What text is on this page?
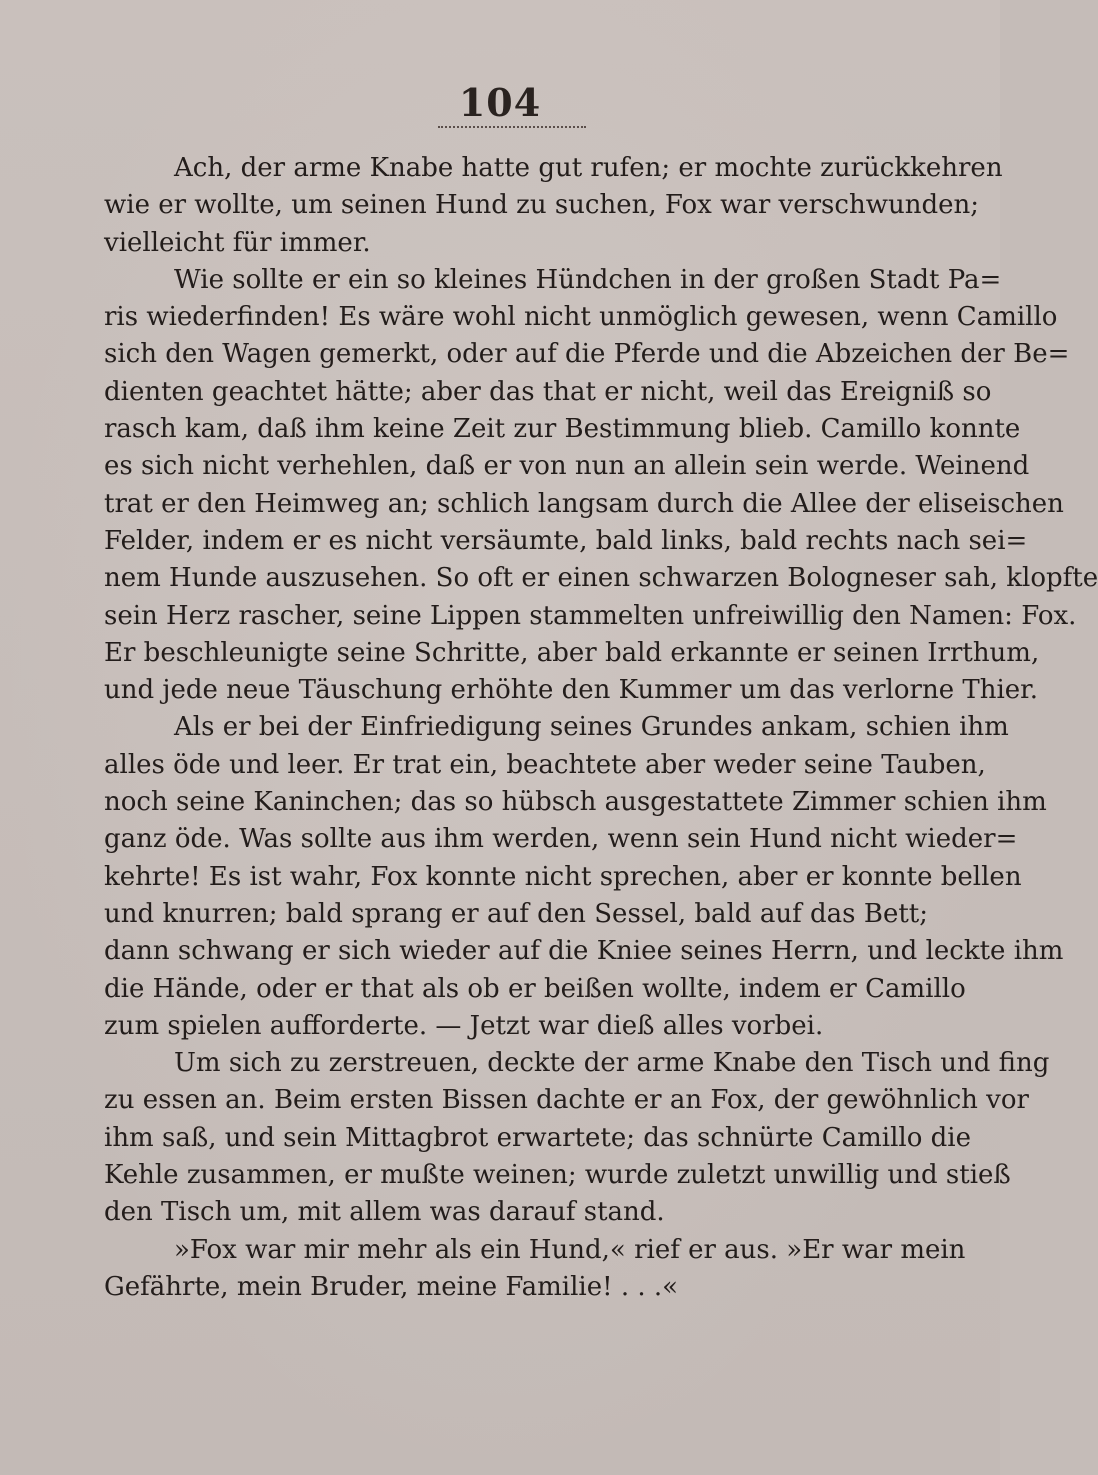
104
Ach, der arme Knabe hatte gut rufen; er mochte zurückkehren
wie er wollte, um seinen Hund zu suchen, Fox war verschwunden;
vielleicht für immer.
Wie sollte er ein so kleines Hündchen in der großen Stadt Pa=
ris wiederfinden! Es wäre wohl nicht unmöglich gewesen, wenn Camillo
sich den Wagen gemerkt, oder auf die Pferde und die Abzeichen der Be=
dienten geachtet hätte; aber das that er nicht, weil das Ereigniß so
rasch kam, daß ihm keine Zeit zur Bestimmung blieb. Camillo konnte
es sich nicht verhehlen, daß er von nun an allein sein werde. Weinend
trat er den Heimweg an; schlich langsam durch die Allee der eliseischen
Felder, indem er es nicht versäumte, bald links, bald rechts nach sei=
nem Hunde auszusehen. So oft er einen schwarzen Bologneser sah, klopfte
sein Herz rascher, seine Lippen stammelten unfreiwillig den Namen: Fox.
Er beschleunigte seine Schritte, aber bald erkannte er seinen Irrthum,
und jede neue Täuschung erhöhte den Kummer um das verlorne Thier.
Als er bei der Einfriedigung seines Grundes ankam, schien ihm
alles öde und leer. Er trat ein, beachtete aber weder seine Tauben,
noch seine Kaninchen; das so hübsch ausgestattete Zimmer schien ihm
ganz öde. Was sollte aus ihm werden, wenn sein Hund nicht wieder=
kehrte! Es ist wahr, Fox konnte nicht sprechen, aber er konnte bellen
und knurren; bald sprang er auf den Sessel, bald auf das Bett;
dann schwang er sich wieder auf die Kniee seines Herrn, und leckte ihm
die Hände, oder er that als ob er beißen wollte, indem er Camillo
zum spielen aufforderte. — Jetzt war dieß alles vorbei.
Um sich zu zerstreuen, deckte der arme Knabe den Tisch und fing
zu essen an. Beim ersten Bissen dachte er an Fox, der gewöhnlich vor
ihm saß, und sein Mittagbrot erwartete; das schnürte Camillo die
Kehle zusammen, er mußte weinen; wurde zuletzt unwillig und stieß
den Tisch um, mit allem was darauf stand.
»Fox war mir mehr als ein Hund,« rief er aus. »Er war mein
Gefährte, mein Bruder, meine Familie! . . .«
